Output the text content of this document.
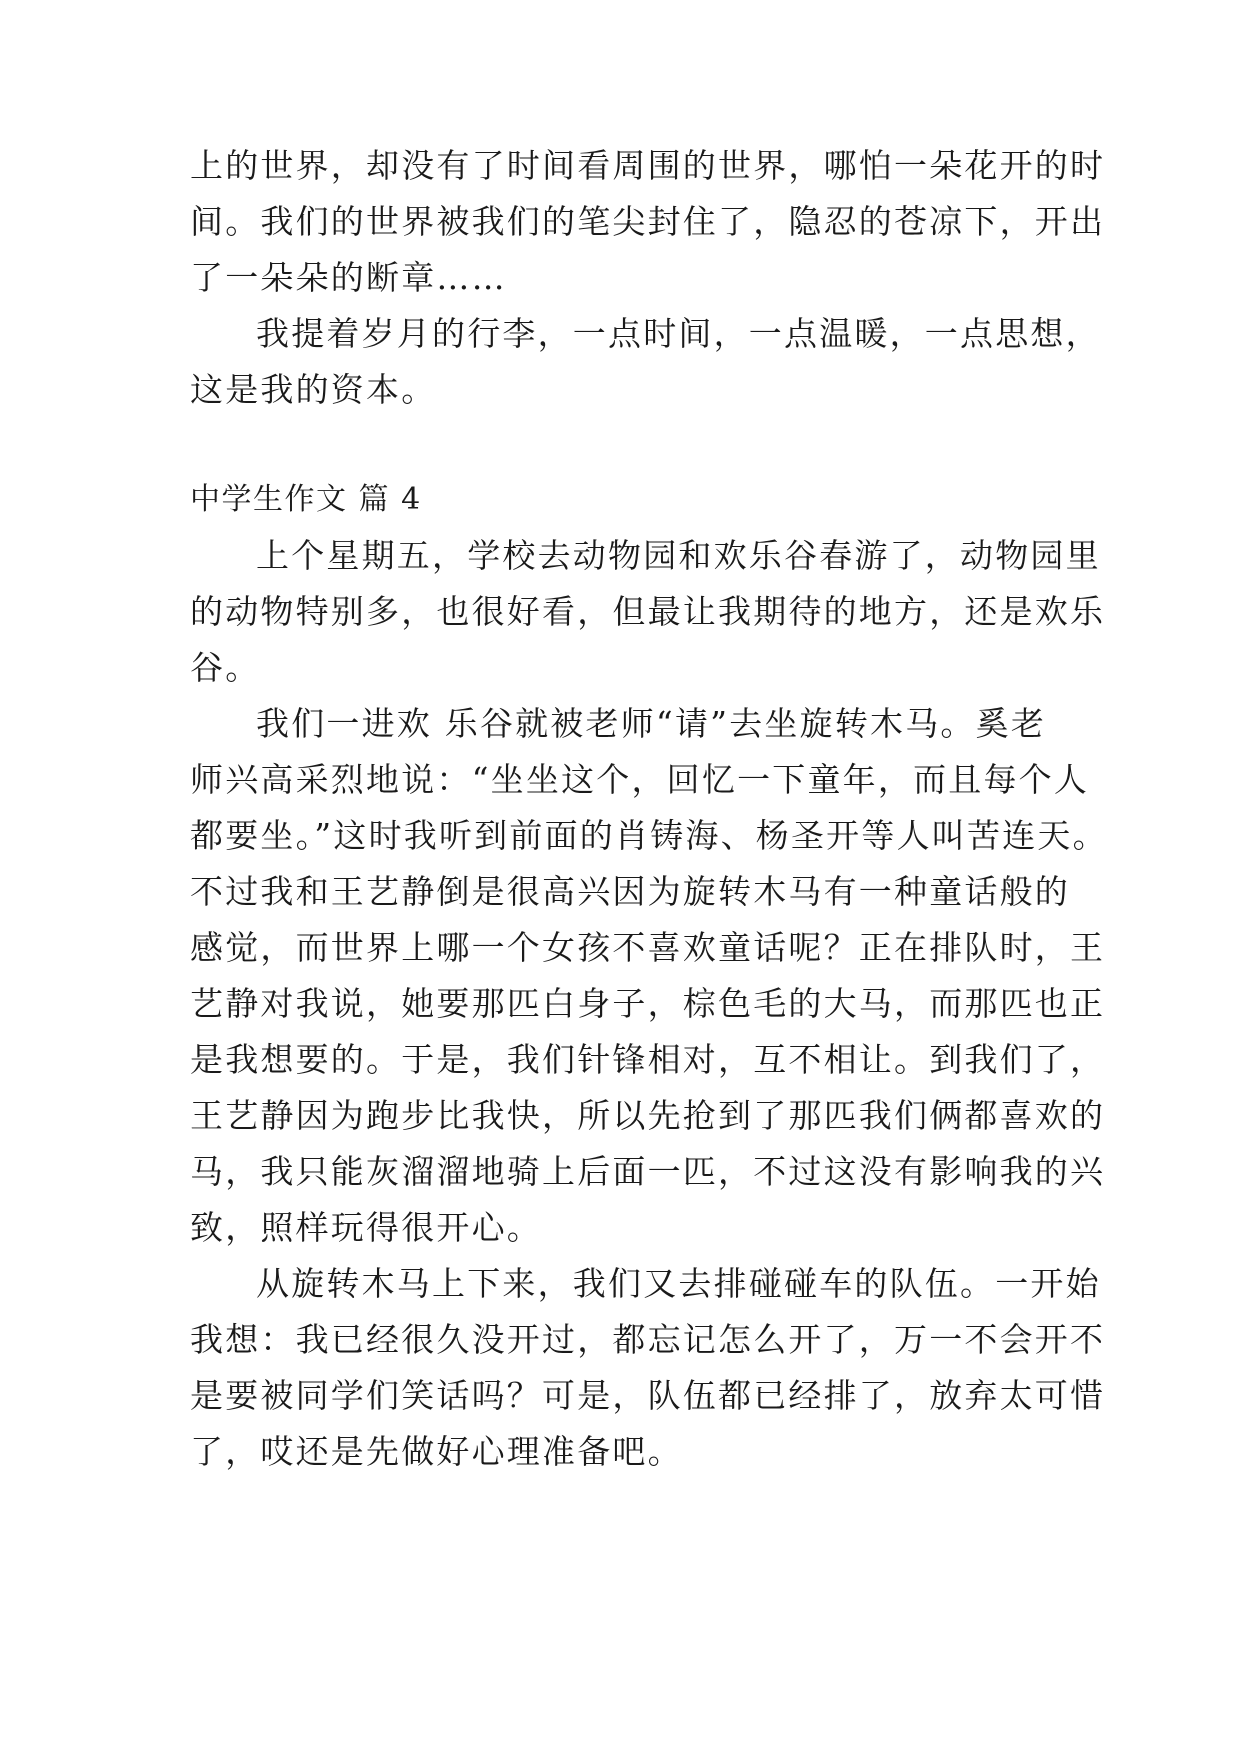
上的世界，却没有了时间看周围的世界，哪怕一朵花开的时
间。我们的世界被我们的笔尖封住了，隐忍的苍凉下，开出
了一朵朵的断章……
我提着岁月的行李，一点时间，一点温暖，一点思想，
这是我的资本。
中学生作文 篇 4
上个星期五，学校去动物园和欢乐谷春游了，动物园里
的动物特别多，也很好看，但最让我期待的地方，还是欢乐
谷。
我们一进欢 乐谷就被老师“请”去坐旋转木马。奚老
师兴高采烈地说：“坐坐这个，回忆一下童年，而且每个人
都要坐。”这时我听到前面的肖铸海、杨圣开等人叫苦连天。
不过我和王艺静倒是很高兴因为旋转木马有一种童话般的
感觉，而世界上哪一个女孩不喜欢童话呢？正在排队时，王
艺静对我说，她要那匹白身子，棕色毛的大马，而那匹也正
是我想要的。于是，我们针锋相对，互不相让。到我们了，
王艺静因为跑步比我快，所以先抢到了那匹我们俩都喜欢的
马，我只能灰溜溜地骑上后面一匹，不过这没有影响我的兴
致，照样玩得很开心。
从旋转木马上下来，我们又去排碰碰车的队伍。一开始
我想：我已经很久没开过，都忘记怎么开了，万一不会开不
是要被同学们笑话吗？可是，队伍都已经排了，放弃太可惜
了，哎还是先做好心理准备吧。
